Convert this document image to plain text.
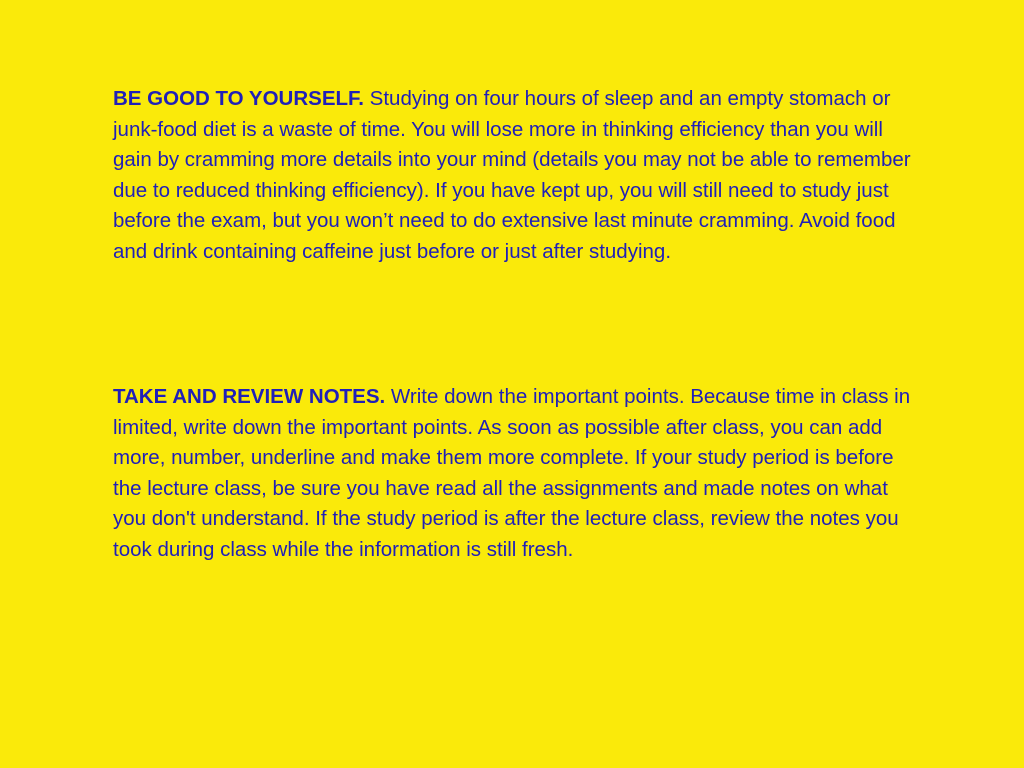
BE GOOD TO YOURSELF. Studying on four hours of sleep and an empty stomach or junk-food diet is a waste of time. You will lose more in thinking efficiency than you will gain by cramming more details into your mind (details you may not be able to remember due to reduced thinking efficiency). If you have kept up, you will still need to study just before the exam, but you won’t need to do extensive last minute cramming. Avoid food and drink containing caffeine just before or just after studying.

TAKE AND REVIEW NOTES. Write down the important points. Because time in class in limited, write down the important points. As soon as possible after class, you can add more, number, underline and make them more complete. If your study period is before the lecture class, be sure you have read all the assignments and made notes on what you don't understand. If the study period is after the lecture class, review the notes you took during class while the information is still fresh.
